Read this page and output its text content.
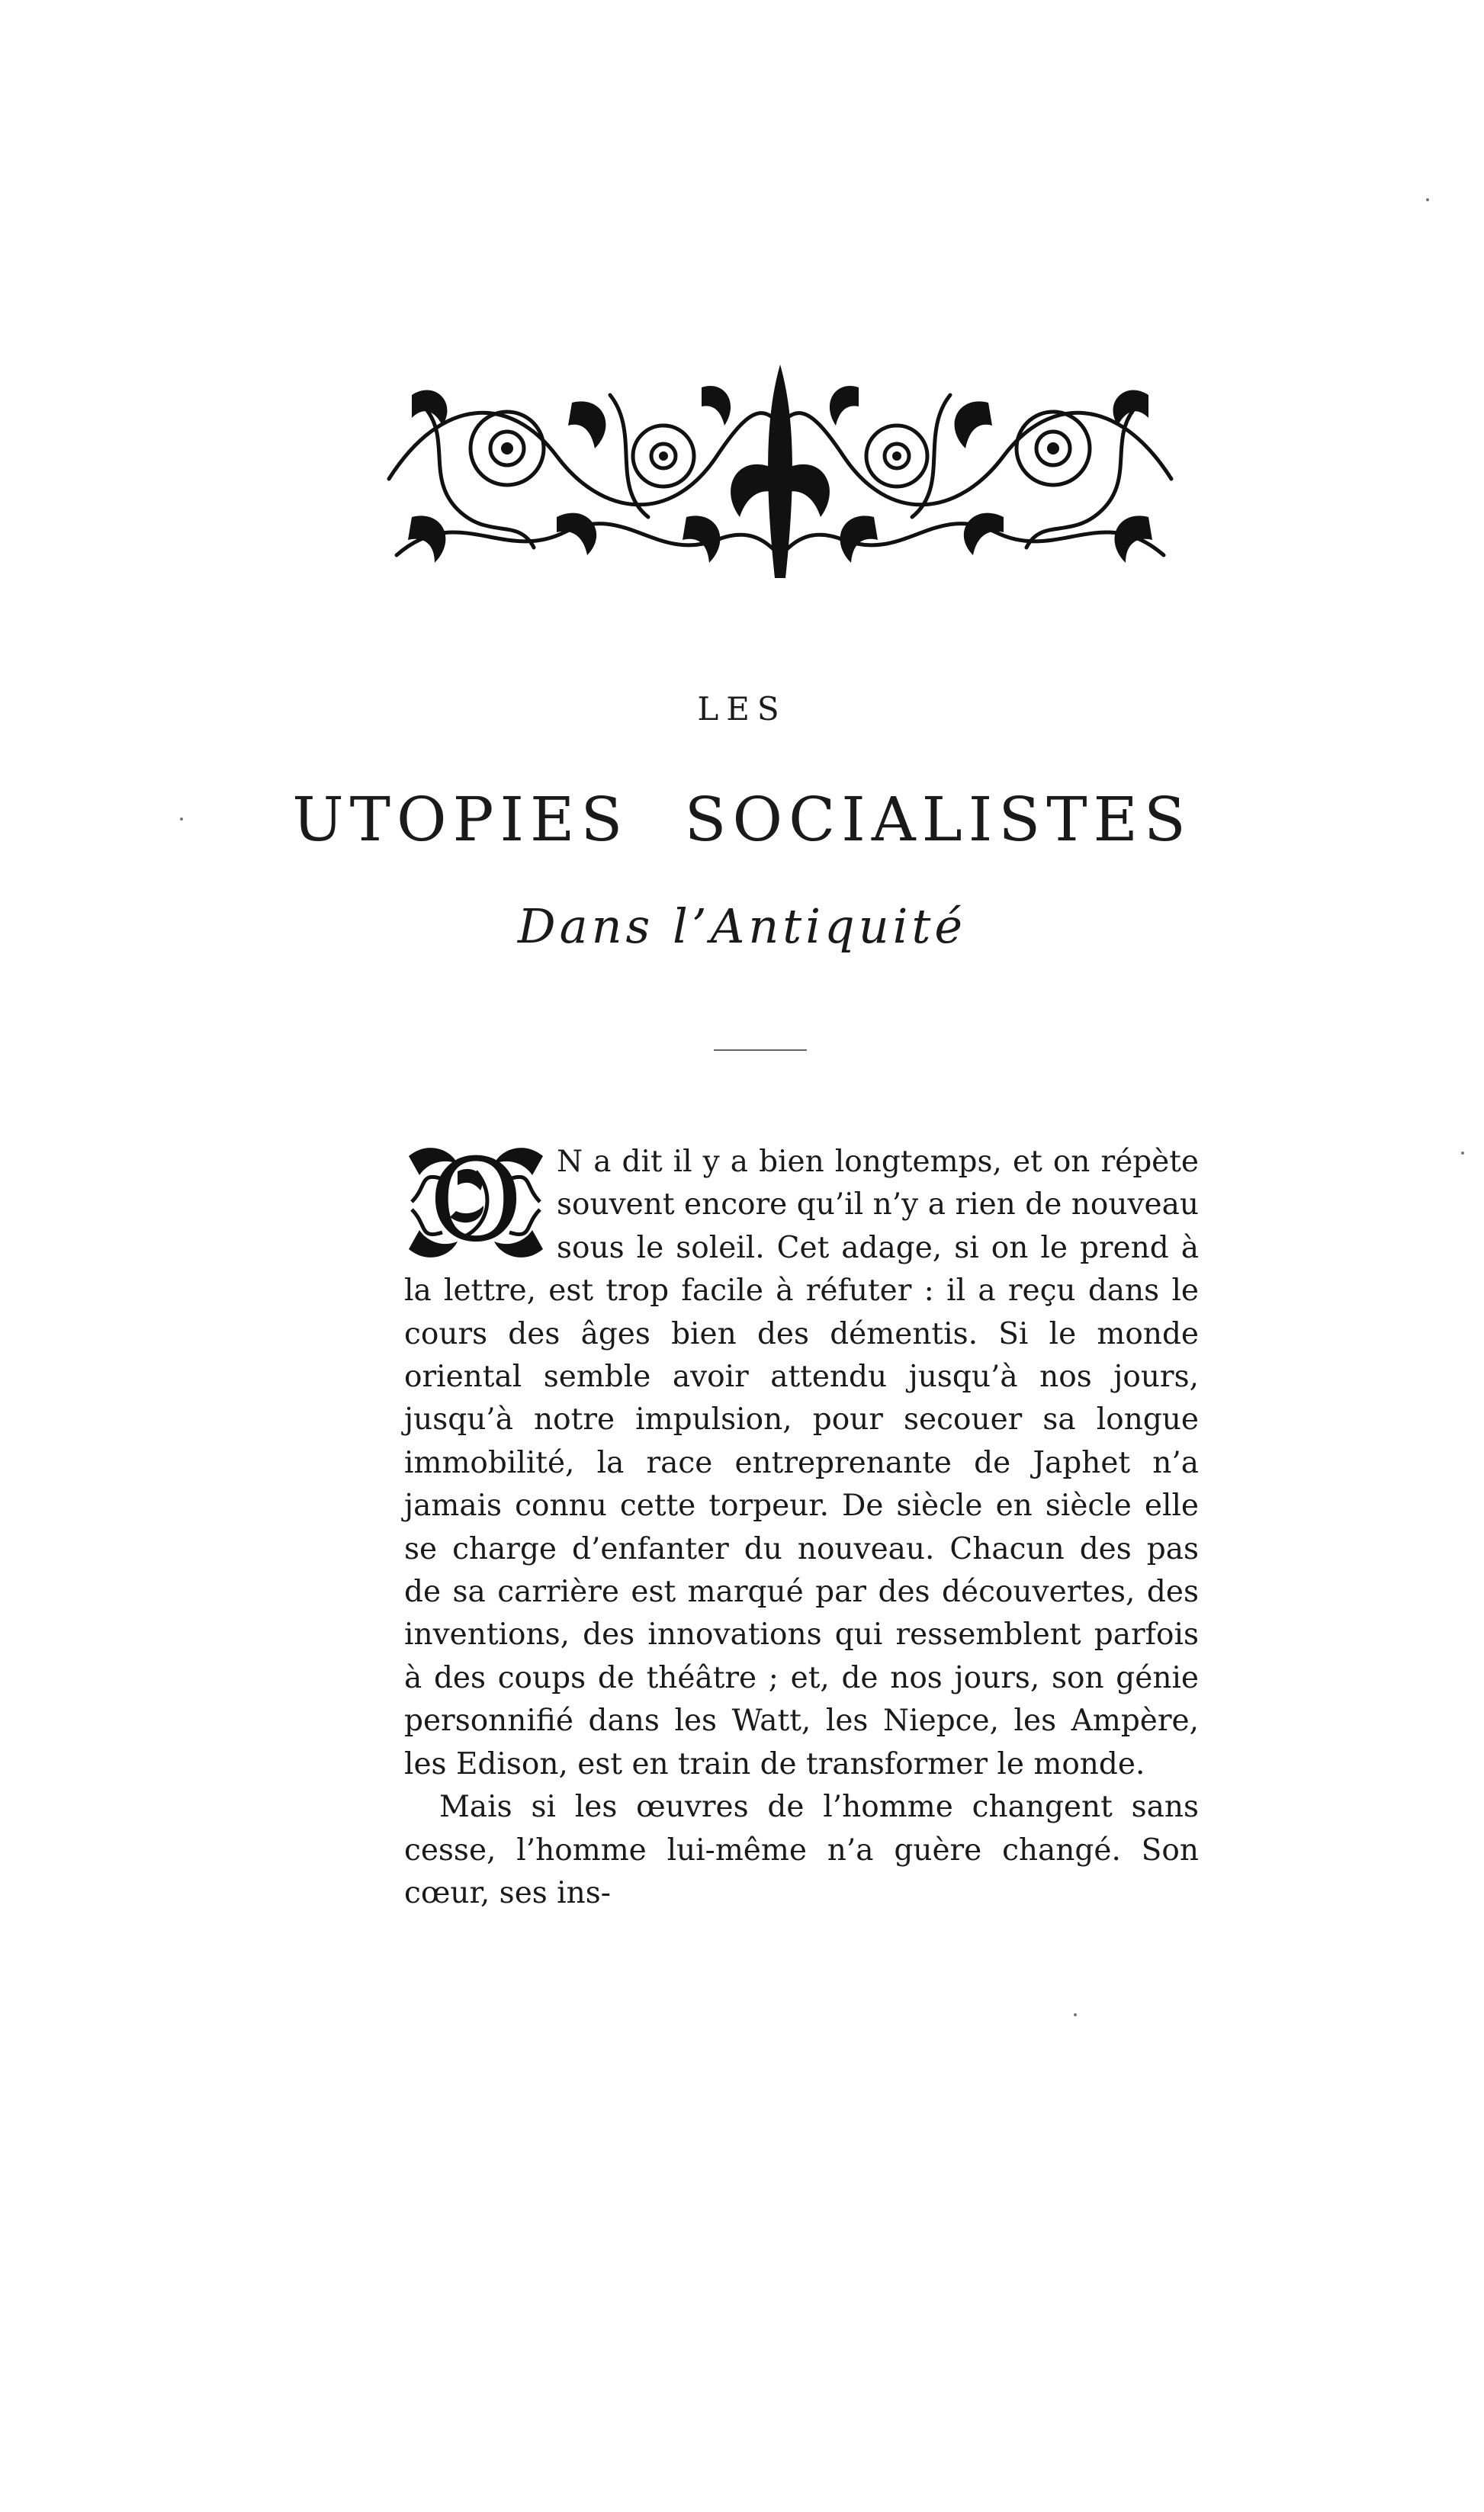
LES
UTOPIES SOCIALISTES
Dans l’Antiquité

O N a dit il y a bien longtemps, et on répète souvent encore qu’il n’y a rien de nouveau sous le soleil. Cet adage, si on le prend à la lettre, est trop facile à réfuter : il a reçu dans le cours des âges bien des démentis. Si le monde oriental semble avoir attendu jusqu’à nos jours, jusqu’à notre impulsion, pour secouer sa longue immobilité, la race entreprenante de Japhet n’a jamais connu cette torpeur. De siècle en siècle elle se charge d’enfanter du nouveau. Chacun des pas de sa carrière est marqué par des découvertes, des inventions, des innovations qui ressemblent parfois à des coups de théâtre ; et, de nos jours, son génie personnifié dans les Watt, les Niepce, les Ampère, les Edison, est en train de transformer le monde.

Mais si les œuvres de l’homme changent sans cesse, l’homme lui-même n’a guère changé. Son cœur, ses ins-
